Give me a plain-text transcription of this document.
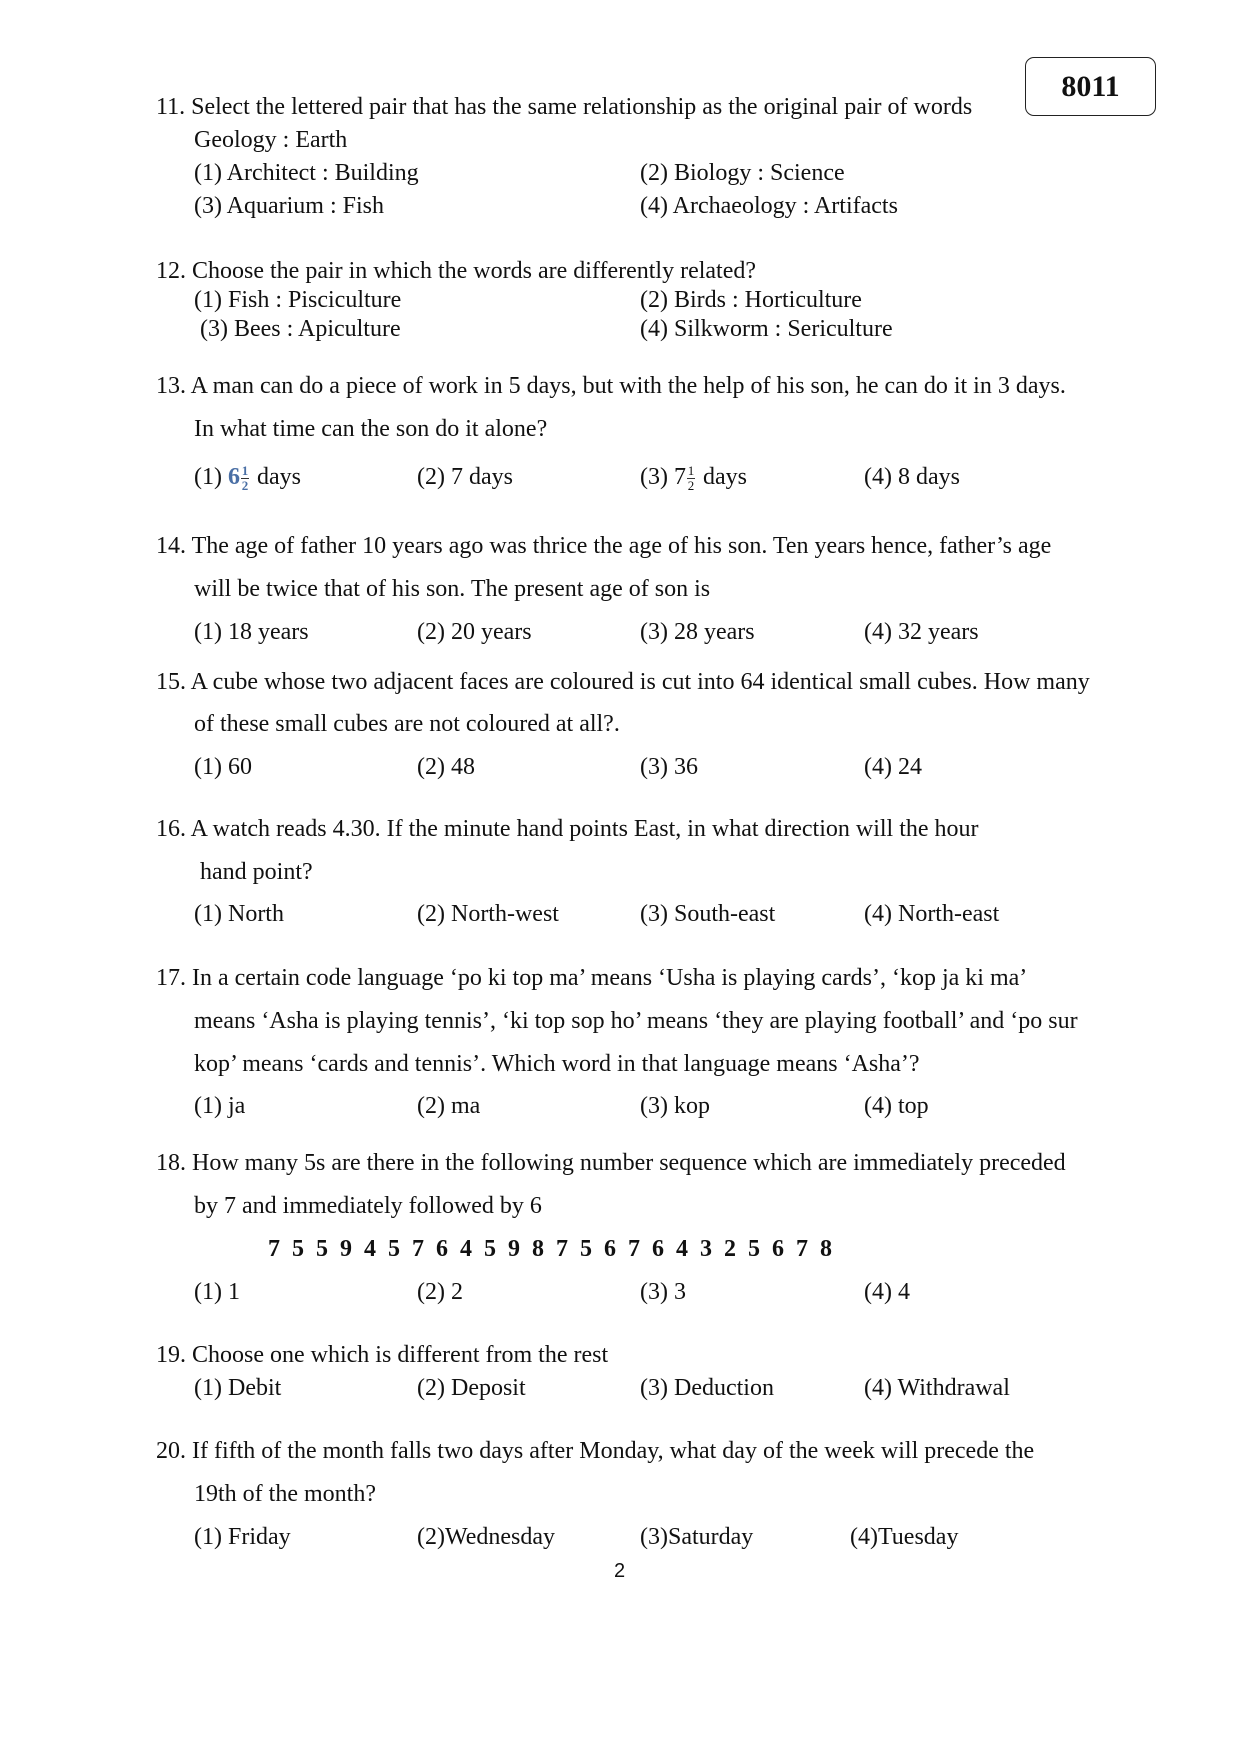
8011
11. Select the lettered pair that has the same relationship as the original pair of words
Geology : Earth
(1) Architect : Building	(2) Biology : Science
(3) Aquarium : Fish	(4) Archaeology : Artifacts
12. Choose the pair in which the words are differently related?
(1) Fish : Pisciculture	(2) Birds : Horticulture
(3) Bees : Apiculture	(4) Silkworm : Sericulture
13. A man can do a piece of work in 5 days, but with the help of his son, he can do it in 3 days.
In what time can the son do it alone?
(1) $6 \frac{1}{2}$ days	(2) 7 days	(3) $7 \frac{1}{2}$ days	(4) 8 days
14. The age of father 10 years ago was thrice the age of his son. Ten years hence, father’s age
will be twice that of his son. The present age of son is
(1) 18 years	(2) 20 years	(3) 28 years	(4) 32 years
15. A cube whose two adjacent faces are coloured is cut into 64 identical small cubes. How many
of these small cubes are not coloured at all?.
(1) 60	(2) 48	(3) 36	(4) 24
16. A watch reads 4.30. If the minute hand points East, in what direction will the hour
hand point?
(1) North	(2) North-west	(3) South-east	(4) North-east
17. In a certain code language ‘po ki top ma’ means ‘Usha is playing cards’, ‘kop ja ki ma’
means ‘Asha is playing tennis’, ‘ki top sop ho’ means ‘they are playing football’ and ‘po sur
kop’ means ‘cards and tennis’. Which word in that language means ‘Asha’?
(1) ja	(2) ma	(3) kop	(4) top
18. How many 5s are there in the following number sequence which are immediately preceded
by 7 and immediately followed by 6
7 5 5 9 4 5 7 6 4 5 9 8 7 5 6 7 6 4 3 2 5 6 7 8
(1) 1	(2) 2	(3) 3	(4) 4
19. Choose one which is different from the rest
(1) Debit	(2) Deposit	(3) Deduction	(4) Withdrawal
20. If fifth of the month falls two days after Monday, what day of the week will precede the
19th of the month?
(1) Friday	(2)Wednesday	(3)Saturday	(4)Tuesday
2
